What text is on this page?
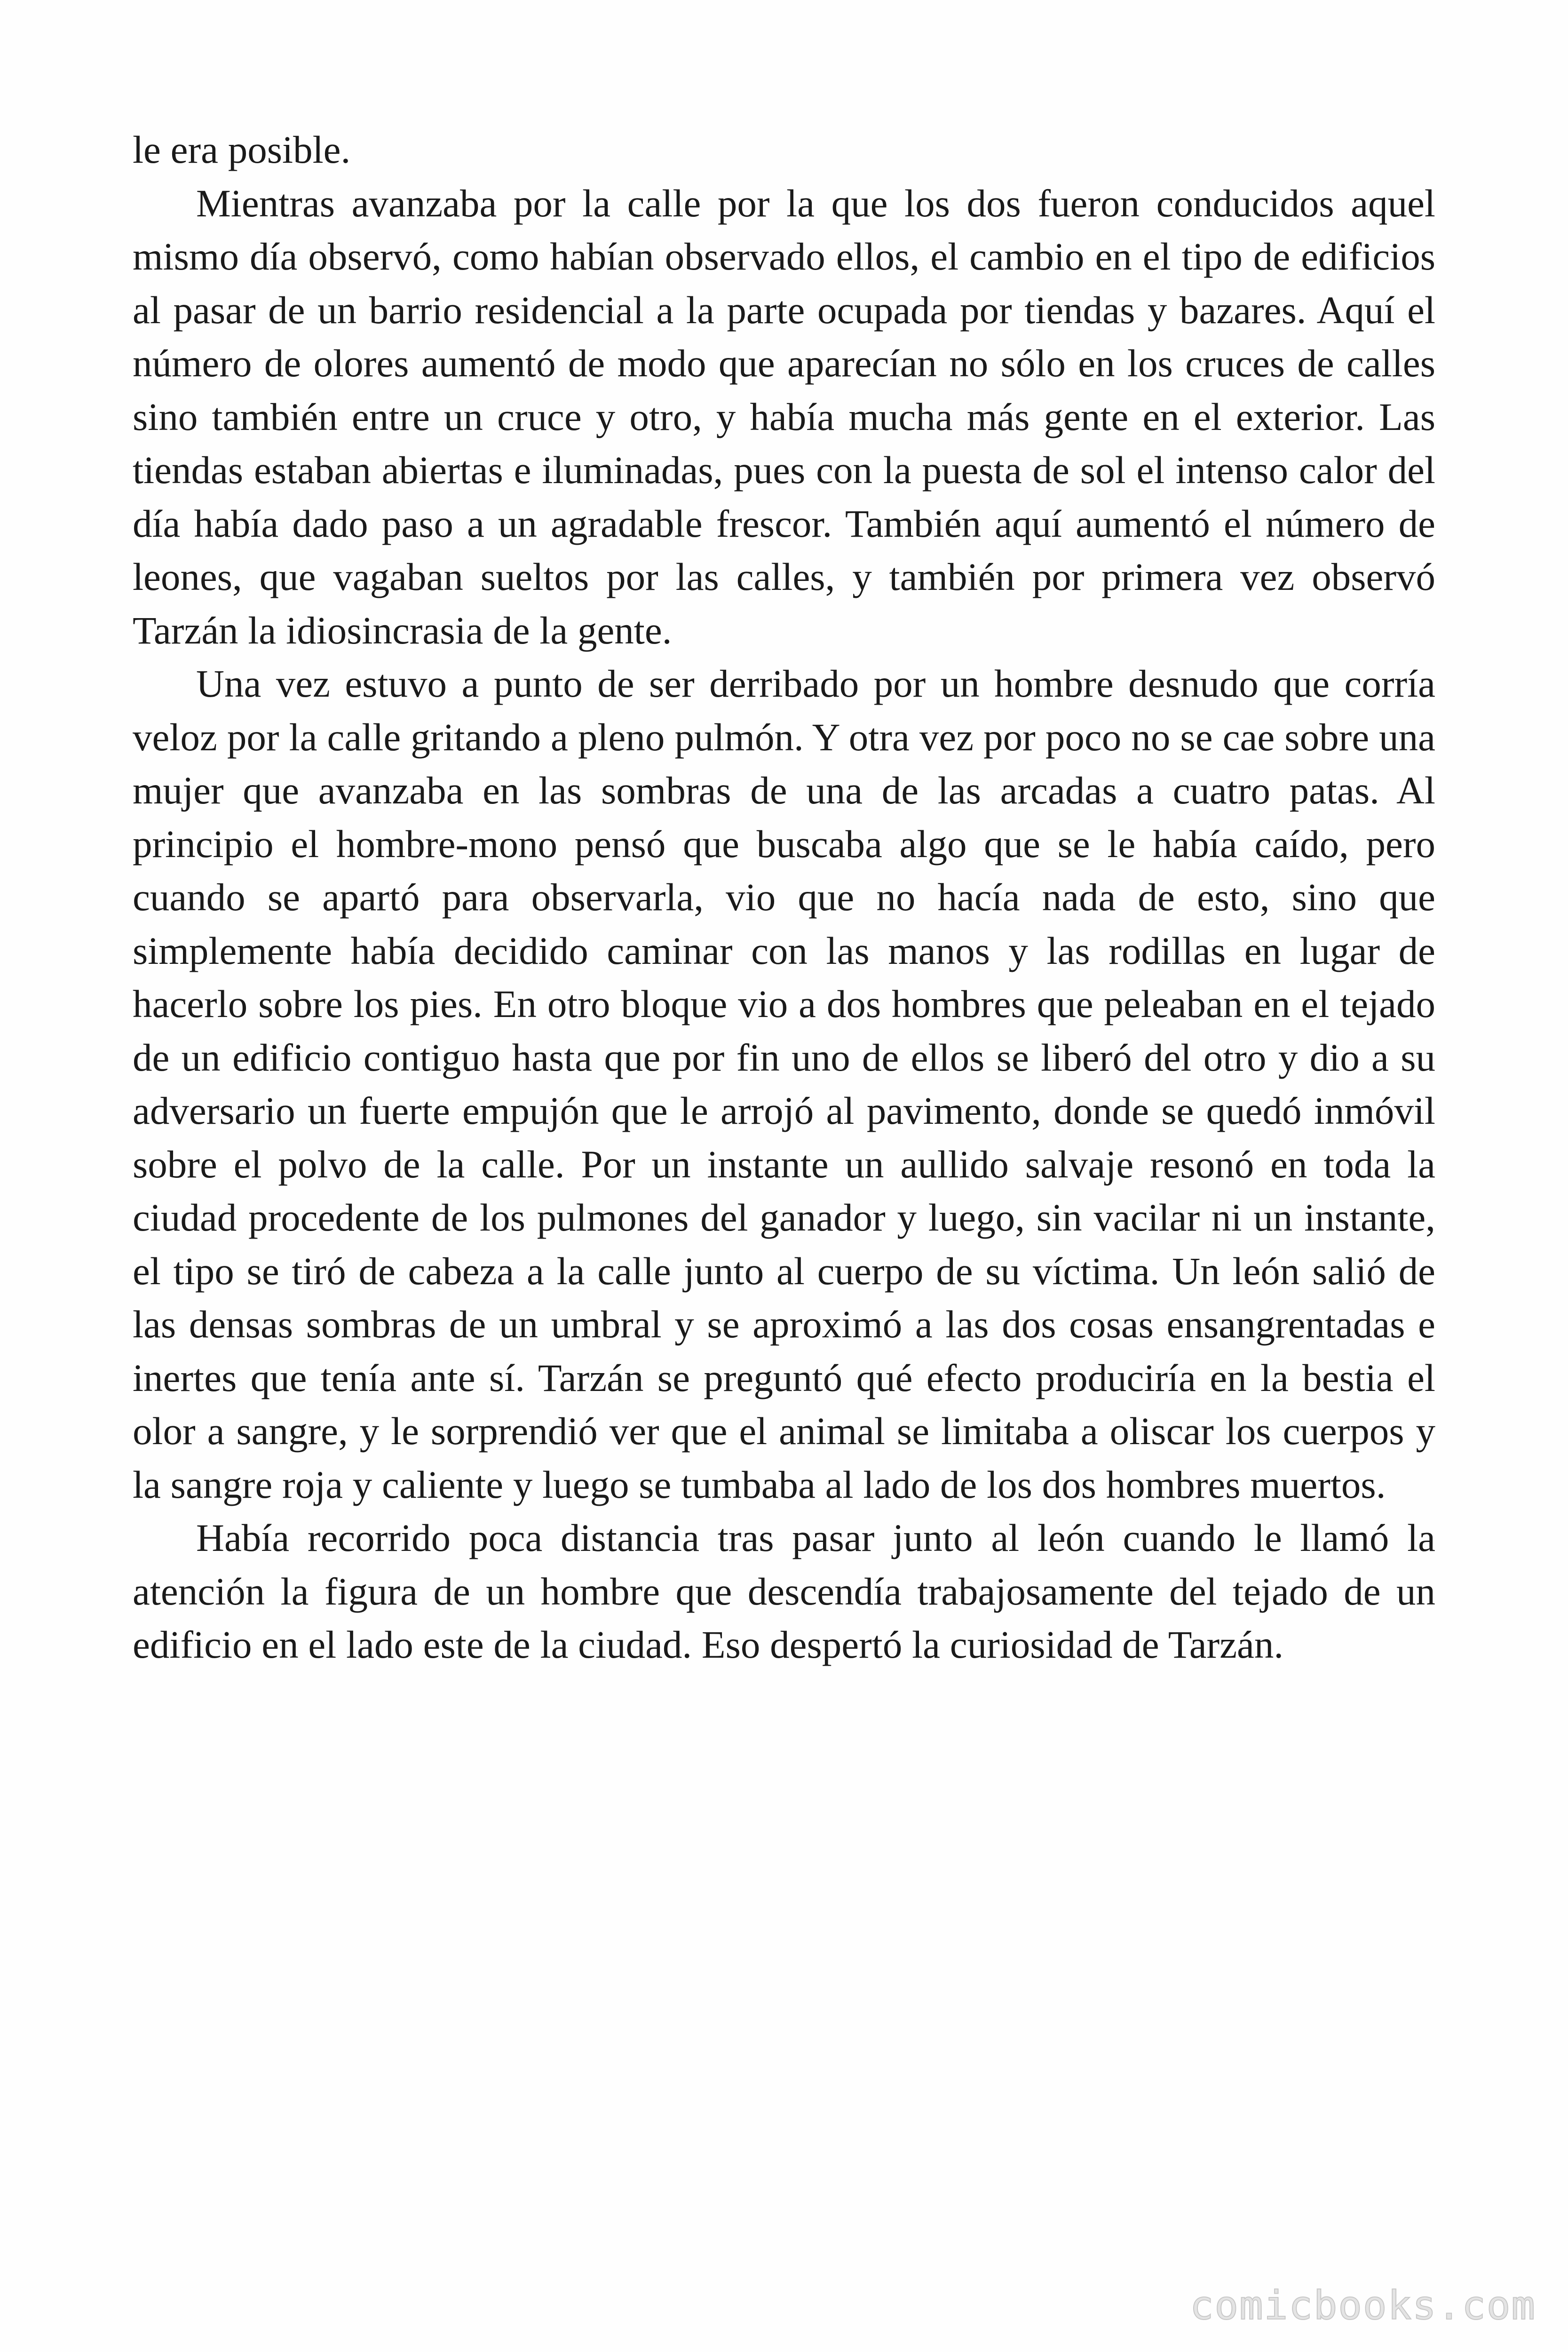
le era posible.

Mientras avanzaba por la calle por la que los dos fueron conducidos aquel mismo día observó, como habían observado ellos, el cambio en el tipo de edificios al pasar de un barrio residencial a la parte ocupada por tiendas y bazares. Aquí el número de olores aumentó de modo que aparecían no sólo en los cruces de calles sino también entre un cruce y otro, y había mucha más gente en el exterior. Las tiendas estaban abiertas e iluminadas, pues con la puesta de sol el intenso calor del día había dado paso a un agradable frescor. También aquí aumentó el número de leones, que vagaban sueltos por las calles, y también por primera vez observó Tarzán la idiosincrasia de la gente.

Una vez estuvo a punto de ser derribado por un hombre desnudo que corría veloz por la calle gritando a pleno pulmón. Y otra vez por poco no se cae sobre una mujer que avanzaba en las sombras de una de las arcadas a cuatro patas. Al principio el hombre-mono pensó que buscaba algo que se le había caído, pero cuando se apartó para observarla, vio que no hacía nada de esto, sino que simplemente había decidido caminar con las manos y las rodillas en lugar de hacerlo sobre los pies. En otro bloque vio a dos hombres que peleaban en el tejado de un edificio contiguo hasta que por fin uno de ellos se liberó del otro y dio a su adversario un fuerte empujón que le arrojó al pavimento, donde se quedó inmóvil sobre el polvo de la calle. Por un instante un aullido salvaje resonó en toda la ciudad procedente de los pulmones del ganador y luego, sin vacilar ni un instante, el tipo se tiró de cabeza a la calle junto al cuerpo de su víctima. Un león salió de las densas sombras de un umbral y se aproximó a las dos cosas ensangrentadas e inertes que tenía ante sí. Tarzán se preguntó qué efecto produciría en la bestia el olor a sangre, y le sorprendió ver que el animal se limitaba a oliscar los cuerpos y la sangre roja y caliente y luego se tumbaba al lado de los dos hombres muertos.

Había recorrido poca distancia tras pasar junto al león cuando le llamó la atención la figura de un hombre que descendía trabajosamente del tejado de un edificio en el lado este de la ciudad. Eso despertó la curiosidad de Tarzán.

comicbooks.com
